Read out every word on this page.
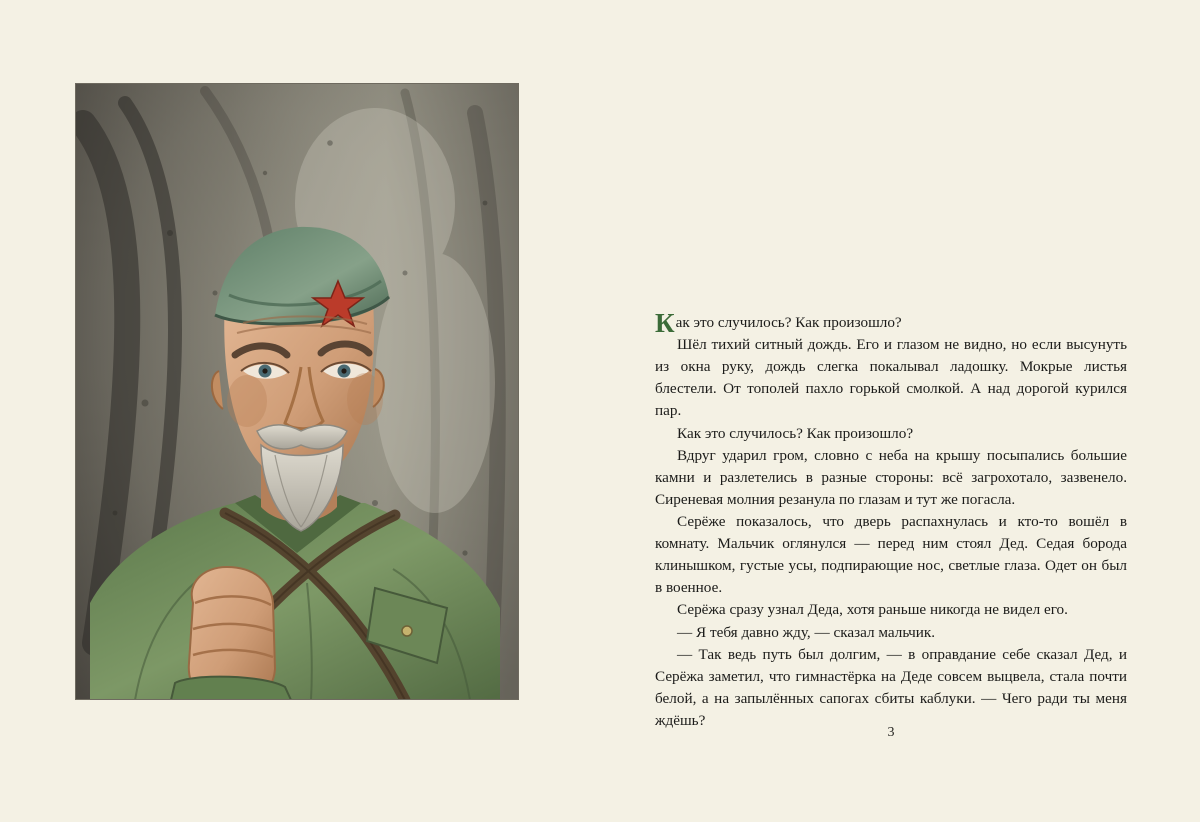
Как это случилось? Как произошло?

Шёл тихий ситный дождь. Его и глазом не видно, но если высунуть из окна руку, дождь слегка покалывал ладошку. Мокрые листья блестели. От тополей пахло горькой смолкой. А над дорогой курился пар.

Как это случилось? Как произошло?

Вдруг ударил гром, словно с неба на крышу посыпались большие камни и разлетелись в разные стороны: всё загрохотало, зазвенело. Сиреневая молния резанула по глазам и тут же погасла.

Серёже показалось, что дверь распахнулась и кто-то вошёл в комнату. Мальчик оглянулся — перед ним стоял Дед. Седая борода клинышком, густые усы, подпирающие нос, светлые глаза. Одет он был в военное.

Серёжа сразу узнал Деда, хотя раньше никогда не видел его.

— Я тебя давно жду, — сказал мальчик.

— Так ведь путь был долгим, — в оправдание себе сказал Дед, и Серёжа заметил, что гимнастёрка на Деде совсем выцвела, стала почти белой, а на запылённых сапогах сбиты каблуки. — Чего ради ты меня ждёшь?

3
